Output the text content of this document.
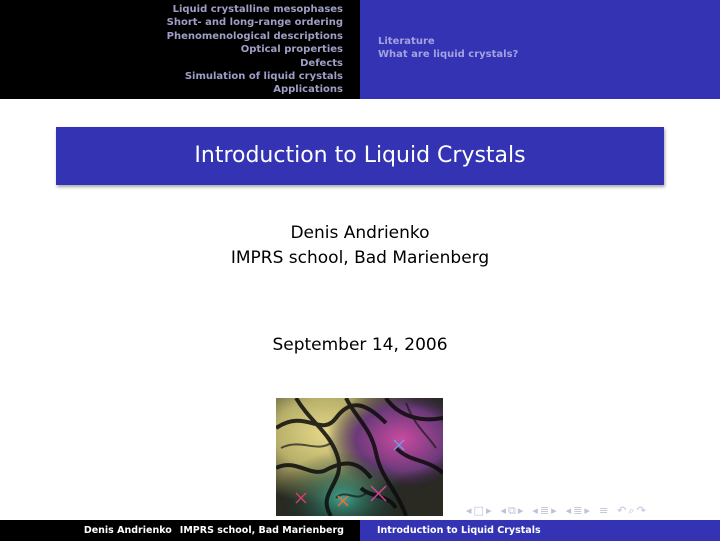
Liquid crystalline mesophases
Short- and long-range ordering
Phenomenological descriptions
Optical properties
Defects
Simulation of liquid crystals
Applications
Literature
What are liquid crystals?
Introduction to Liquid Crystals
Denis Andrienko
IMPRS school, Bad Marienberg
September 14, 2006
◂ □ ▸ ◂ ⧉ ▸ ◂ ≣ ▸ ◂ ≣ ▸ ≡ ↶ ⌕ ↷
Denis Andrienko IMPRS school, Bad Marienberg	Introduction to Liquid Crystals
